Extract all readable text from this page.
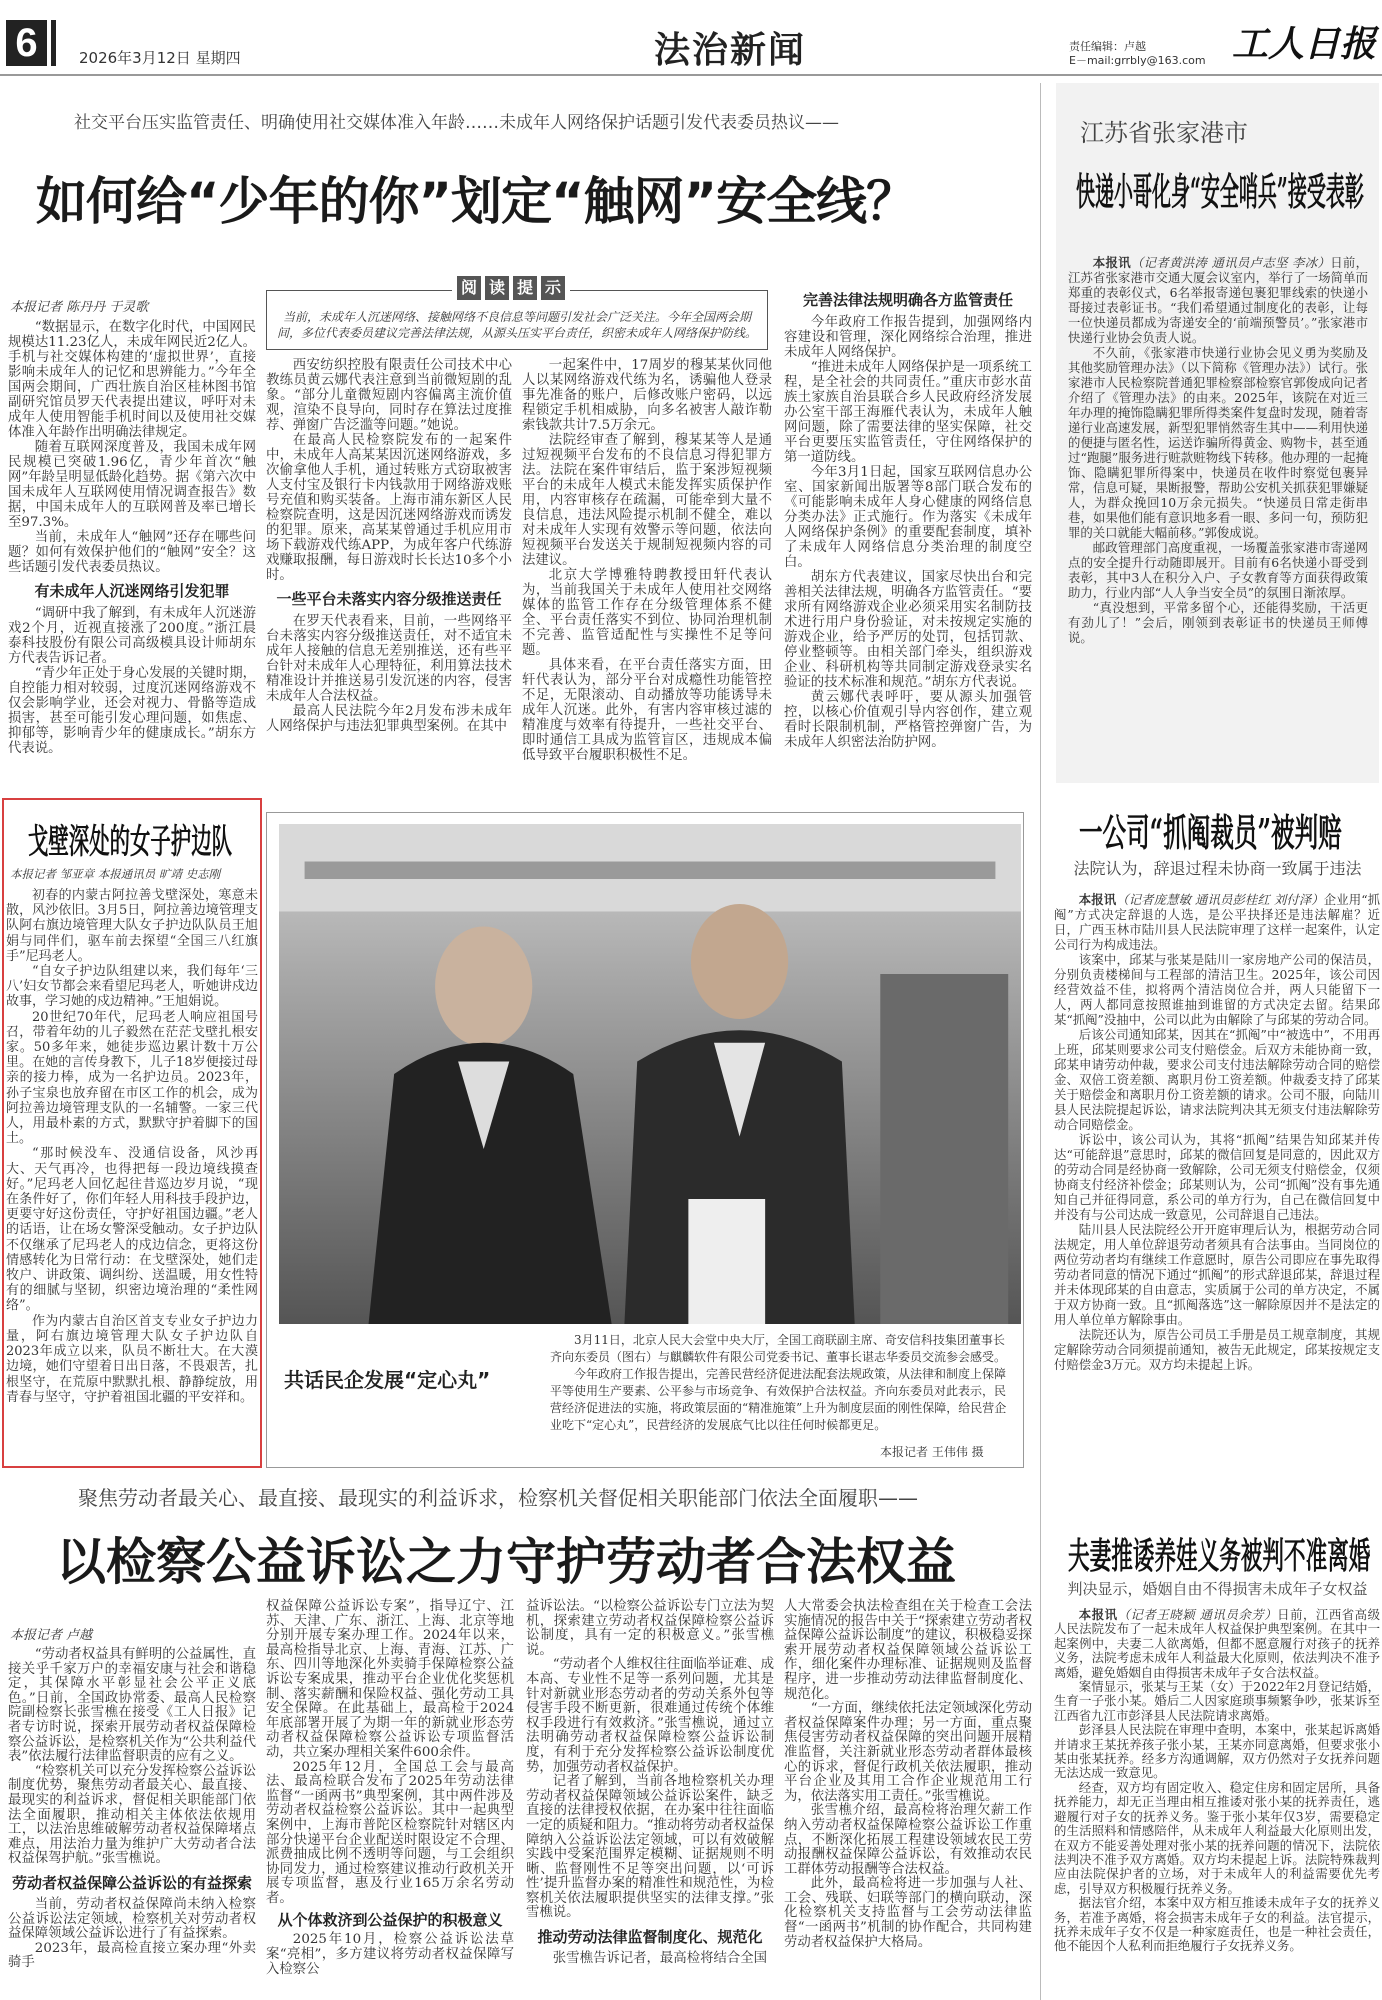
6	2026年3月12日 星期四	法治新闻	责任编辑：卢越
E－mail:grrbly@163.com 工人日报
社交平台压实监管责任、明确使用社交媒体准入年龄……未成年人网络保护话题引发代表委员热议——
如何给“少年的你”划定“触网”安全线？
本报记者 陈丹丹 于灵歌
当前，未成年人沉迷网络、接触网络不良信息等问题引发社会广泛关注。今年全国两会期间，多位代表委员建议完善法律法规，从源头压实平台责任，织密未成年人网络保护防线。
阅 读 提 示

“数据显示，在数字化时代，中国网民规模达11.23亿人，未成年网民近2亿人。手机与社交媒体构建的‘虚拟世界’，直接影响未成年人的记忆和思辨能力。”今年全国两会期间，广西壮族自治区桂林图书馆副研究馆员罗天代表提出建议，呼吁对未成年人使用智能手机时间以及使用社交媒体准入年龄作出明确法律规定。

随着互联网深度普及，我国未成年网民规模已突破1.96亿，青少年首次“触网”年龄呈明显低龄化趋势。据《第六次中国未成年人互联网使用情况调查报告》数据，中国未成年人的互联网普及率已增长至97.3%。

当前，未成年人“触网”还存在哪些问题？如何有效保护他们的“触网”安全？这些话题引发代表委员热议。

有未成年人沉迷网络引发犯罪

“调研中我了解到，有未成年人沉迷游戏2个月，近视直接涨了200度。”浙江晨泰科技股份有限公司高级模具设计师胡东方代表告诉记者。

“青少年正处于身心发展的关键时期，自控能力相对较弱，过度沉迷网络游戏不仅会影响学业，还会对视力、骨骼等造成损害，甚至可能引发心理问题，如焦虑、抑郁等，影响青少年的健康成长。”胡东方代表说。

西安纺织控股有限责任公司技术中心教练员黄云娜代表注意到当前微短剧的乱象。“部分儿童微短剧内容偏离主流价值观，渲染不良导向，同时存在算法过度推荐、弹窗广告泛滥等问题。”她说。

在最高人民检察院发布的一起案件中，未成年人高某某因沉迷网络游戏，多次偷拿他人手机，通过转账方式窃取被害人支付宝及银行卡内钱款用于网络游戏账号充值和购买装备。上海市浦东新区人民检察院查明，这是因沉迷网络游戏而诱发的犯罪。原来，高某某曾通过手机应用市场下载游戏代练APP，为成年客户代练游戏赚取报酬，每日游戏时长长达10多个小时。

一些平台未落实内容分级推送责任

在罗天代表看来，目前，一些网络平台未落实内容分级推送责任，对不适宜未成年人接触的信息无差别推送，还有些平台针对未成年人心理特征，利用算法技术精准设计并推送易引发沉迷的内容，侵害未成年人合法权益。

最高人民法院今年2月发布涉未成年人网络保护与违法犯罪典型案例。在其中

一起案件中，17周岁的穆某某伙同他人以某网络游戏代练为名，诱骗他人登录事先准备的账户，后修改账户密码，以远程锁定手机相威胁，向多名被害人敲诈勒索钱款共计7.5万余元。

法院经审查了解到，穆某某等人是通过短视频平台发布的不良信息习得犯罪方法。法院在案件审结后，监于案涉短视频平台的未成年人模式未能发挥实质保护作用，内容审核存在疏漏，可能牵到大量不良信息，违法风险提示机制不健全，难以对未成年人实现有效警示等问题，依法向短视频平台发送关于规制短视频内容的司法建议。

北京大学博雅特聘教授田轩代表认为，当前我国关于未成年人使用社交网络媒体的监管工作存在分级管理体系不健全、平台责任落实不到位、协同治理机制不完善、监管适配性与实操性不足等问题。

具体来看，在平台责任落实方面，田轩代表认为，部分平台对成瘾性功能管控不足，无限滚动、自动播放等功能诱导未成年人沉迷。此外，有害内容审核过滤的精准度与效率有待提升，一些社交平台、即时通信工具成为监管盲区，违规成本偏低导致平台履职积极性不足。

完善法律法规明确各方监管责任

今年政府工作报告提到，加强网络内容建设和管理，深化网络综合治理，推进未成年人网络保护。

“推进未成年人网络保护是一项系统工程，是全社会的共同责任。”重庆市彭水苗族土家族自治县联合乡人民政府经济发展办公室干部王海雁代表认为，未成年人触网问题，除了需要法律的坚实保障，社交平台更要压实监管责任，守住网络保护的第一道防线。

今年3月1日起，国家互联网信息办公室、国家新闻出版署等8部门联合发布的《可能影响未成年人身心健康的网络信息分类办法》正式施行。作为落实《未成年人网络保护条例》的重要配套制度，填补了未成年人网络信息分类治理的制度空白。

胡东方代表建议，国家尽快出台和完善相关法律法规，明确各方监管责任。“要求所有网络游戏企业必须采用实名制防技术进行用户身份验证，对未按规定实施的游戏企业，给予严厉的处罚，包括罚款、停业整顿等。由相关部门牵头，组织游戏企业、科研机构等共同制定游戏登录实名验证的技术标准和规范。”胡东方代表说。

黄云娜代表呼吁，要从源头加强管控，以核心价值观引导内容创作，建立观看时长限制机制，严格管控弹窗广告，为未成年人织密法治防护网。

江苏省张家港市
快递小哥化身“安全哨兵”接受表彰

本报讯（记者黄洪涛 通讯员卢志坚 李冰）日前，江苏省张家港市交通大厦会议室内，举行了一场简单而郑重的表彰仪式，6名举报寄递包裹犯罪线索的快递小哥接过表彰证书。“我们希望通过制度化的表彰，让每一位快递员都成为寄递安全的‘前端预警员’。”张家港市快递行业协会负责人说。

不久前，《张家港市快递行业协会见义勇为奖励及其他奖励管理办法》（以下简称《管理办法》）试行。张家港市人民检察院普通犯罪检察部检察官郭俊成向记者介绍了《管理办法》的由来。2025年，该院在对近三年办理的掩饰隐瞒犯罪所得类案件复盘时发现，随着寄递行业高速发展，新型犯罪悄然寄生其中——利用快递的便捷与匿名性，运送诈骗所得黄金、购物卡，甚至通过“跑腿”服务进行赃款赃物线下转移。他办理的一起掩饰、隐瞒犯罪所得案中，快递员在收件时察觉包裹异常，信息可疑，果断报警，帮助公安机关抓获犯罪嫌疑人，为群众挽回10万余元损失。“快递员日常走街串巷，如果他们能有意识地多看一眼、多问一句，预防犯罪的关口就能大幅前移。”郭俊成说。

邮政管理部门高度重视，一场覆盖张家港市寄递网点的安全提升行动随即展开。目前有6名快递小哥受到表彰，其中3人在积分入户、子女教育等方面获得政策助力，行业内部“人人争当安全员”的氛围日渐浓厚。

“真没想到，平常多留个心，还能得奖励，干活更有劲儿了！”会后，刚领到表彰证书的快递员王师傅说。

戈壁深处的女子护边队
本报记者 邹亚章 本报通讯员 旷靖 史志刚

初春的内蒙古阿拉善戈壁深处，寒意未散，风沙依旧。3月5日，阿拉善边境管理支队阿右旗边境管理大队女子护边队队员王旭娟与同伴们，驱车前去探望“全国三八红旗手”尼玛老人。

“自女子护边队组建以来，我们每年‘三八’妇女节都会来看望尼玛老人，听她讲戍边故事，学习她的戍边精神。”王旭娟说。

20世纪70年代，尼玛老人响应祖国号召，带着年幼的儿子毅然在茫茫戈壁扎根安家。50多年来，她徒步巡边累计数十万公里。在她的言传身教下，儿子18岁便接过母亲的接力棒，成为一名护边员。2023年，孙子宝泉也放弃留在市区工作的机会，成为阿拉善边境管理支队的一名辅警。一家三代人，用最朴素的方式，默默守护着脚下的国土。

“那时候没车、没通信设备，风沙再大、天气再冷，也得把每一段边境线摸查好。”尼玛老人回忆起往昔巡边岁月说，“现在条件好了，你们年轻人用科技手段护边，更要守好这份责任，守护好祖国边疆。”老人的话语，让在场女警深受触动。女子护边队不仅继承了尼玛老人的戍边信念，更将这份情感转化为日常行动：在戈壁深处，她们走牧户、讲政策、调纠纷、送温暖，用女性特有的细腻与坚韧，织密边境治理的“柔性网络”。

作为内蒙古自治区首支专业女子护边力量，阿右旗边境管理大队女子护边队自2023年成立以来，队员不断壮大。在大漠边境，她们守望着日出日落，不畏艰苦，扎根坚守，在荒原中默默扎根、静静绽放，用青春与坚守，守护着祖国北疆的平安祥和。

共话民企发展“定心丸”

3月11日，北京人民大会堂中央大厅，全国工商联副主席、奇安信科技集团董事长齐向东委员（图右）与麒麟软件有限公司党委书记、董事长谌志华委员交流参会感受。

今年政府工作报告提出，完善民营经济促进法配套法规政策，从法律和制度上保障平等使用生产要素、公平参与市场竞争、有效保护合法权益。齐向东委员对此表示，民营经济促进法的实施，将政策层面的“精准施策”上升为制度层面的刚性保障，给民营企业吃下“定心丸”，民营经济的发展底气比以往任何时候都更足。

本报记者 王伟伟 摄
一公司“抓阄裁员”被判赔
法院认为，辞退过程未协商一致属于违法

本报讯（记者庞慧敏 通讯员彭桂红 刘付泽）企业用“抓阄”方式决定辞退的人选，是公平抉择还是违法解雇？近日，广西玉林市陆川县人民法院审理了这样一起案件，认定公司行为构成违法。

该案中，邱某与张某是陆川一家房地产公司的保洁员，分别负责楼梯间与工程部的清洁卫生。2025年，该公司因经营效益不佳，拟将两个清洁岗位合并，两人只能留下一人，两人都同意按照谁抽到谁留的方式决定去留。结果邱某“抓阄”没抽中，公司以此为由解除了与邱某的劳动合同。

后该公司通知邱某，因其在“抓阄”中“被选中”，不用再上班，邱某则要求公司支付赔偿金。后双方未能协商一致，邱某申请劳动仲裁，要求公司支付违法解除劳动合同的赔偿金、双倍工资差额、离职月份工资差额。仲裁委支持了邱某关于赔偿金和离职月份工资差额的请求。公司不服，向陆川县人民法院提起诉讼，请求法院判决其无须支付违法解除劳动合同赔偿金。

诉讼中，该公司认为，其将“抓阄”结果告知邱某并传达“可能辞退”意思时，邱某的微信回复是同意的，因此双方的劳动合同是经协商一致解除，公司无须支付赔偿金，仅须协商支付经济补偿金；邱某则认为，公司“抓阄”没有事先通知自己并征得同意，系公司的单方行为，自己在微信回复中并没有与公司达成一致意见，公司辞退自己违法。

陆川县人民法院经公开开庭审理后认为，根据劳动合同法规定，用人单位辞退劳动者须具有合法事由。当同岗位的两位劳动者均有继续工作意愿时，原告公司即应在事先取得劳动者同意的情况下通过“抓阄”的形式辞退邱某，辞退过程并未体现邱某的自由意志，实质属于公司的单方决定，不属于双方协商一致。且“抓阄落选”这一解除原因并不是法定的用人单位单方解除事由。

法院还认为，原告公司员工手册是员工规章制度，其规定解除劳动合同须提前通知，被告无此规定，邱某按规定支付赔偿金3万元。双方均未提起上诉。

聚焦劳动者最关心、最直接、最现实的利益诉求，检察机关督促相关职能部门依法全面履职——
以检察公益诉讼之力守护劳动者合法权益
本报记者 卢越

“劳动者权益具有鲜明的公益属性，直接关乎千家万户的幸福安康与社会和谐稳定，其保障水平彰显社会公平正义底色。”日前，全国政协常委、最高人民检察院副检察长张雪樵在接受《工人日报》记者专访时说，探索开展劳动者权益保障检察公益诉讼，是检察机关作为“公共利益代表”依法履行法律监督职责的应有之义。

“检察机关可以充分发挥检察公益诉讼制度优势，聚焦劳动者最关心、最直接、最现实的利益诉求，督促相关职能部门依法全面履职，推动相关主体依法依规用工，以法治思维破解劳动者权益保障堵点难点，用法治力量为维护广大劳动者合法权益保驾护航。”张雪樵说。

劳动者权益保障公益诉讼的有益探索

当前，劳动者权益保障尚未纳入检察公益诉讼法定领域，检察机关对劳动者权益保障领域公益诉讼进行了有益探索。

2023年，最高检直接立案办理“外卖骑手

权益保障公益诉讼专案”，指导辽宁、江苏、天津、广东、浙江、上海、北京等地分别开展专案办理工作。2024年以来，最高检指导北京、上海、青海、江苏、广东、四川等地深化外卖骑手保障检察公益诉讼专案成果，推动平台企业优化奖惩机制、落实薪酬和保险权益、强化劳动工具安全保障。在此基础上，最高检于2024年底部署开展了为期一年的新就业形态劳动者权益保障检察公益诉讼专项监督活动，共立案办理相关案件600余件。

2025年12月，全国总工会与最高法、最高检联合发布了2025年劳动法律监督“一函两书”典型案例，其中两件涉及劳动者权益检察公益诉讼。其中一起典型案例中，上海市普陀区检察院针对辖区内部分快递平台企业配送时限设定不合理、派费抽成比例不透明等问题，与工会组织协同发力，通过检察建议推动行政机关开展专项监督，惠及行业165万余名劳动者。

从个体救济到公益保护的积极意义

2025年10月，检察公益诉讼法草案“亮相”，多方建议将劳动者权益保障写入检察公

益诉讼法。“以检察公益诉讼专门立法为契机，探索建立劳动者权益保障检察公益诉讼制度，具有一定的积极意义。”张雪樵说。

“劳动者个人维权往往面临举证难、成本高、专业性不足等一系列问题，尤其是针对新就业形态劳动者的劳动关系外包等侵害手段不断更新，很难通过传统个体维权手段进行有效救济。”张雪樵说，通过立法明确劳动者权益保障检察公益诉讼制度，有利于充分发挥检察公益诉讼制度优势，加强劳动者权益保护。

记者了解到，当前各地检察机关办理劳动者权益保障领域公益诉讼案件，缺乏直接的法律授权依据，在办案中往往面临一定的质疑和阻力。“推动将劳动者权益保障纳入公益诉讼法定领域，可以有效破解实践中受案范围界定模糊、证据规则不明晰、监督刚性不足等突出问题，以‘可诉性’提升监督办案的精准性和规范性，为检察机关依法履职提供坚实的法律支撑。”张雪樵说。

推动劳动法律监督制度化、规范化

张雪樵告诉记者，最高检将结合全国

人大常委会执法检查组在关于检查工会法实施情况的报告中关于“探索建立劳动者权益保障公益诉讼制度”的建议，积极稳妥探索开展劳动者权益保障领域公益诉讼工作，细化案件办理标准、证据规则及监督程序，进一步推动劳动法律监督制度化、规范化。

“一方面，继续依托法定领域深化劳动者权益保障案件办理；另一方面，重点聚焦侵害劳动者权益保障的突出问题开展精准监督，关注新就业形态劳动者群体最核心的诉求，督促行政机关依法履职，推动平台企业及其用工合作企业规范用工行为，依法落实用工责任。”张雪樵说。

张雪樵介绍，最高检将治理欠薪工作纳入劳动者权益保障检察公益诉讼工作重点，不断深化拓展工程建设领域农民工劳动报酬权益保障公益诉讼，有效推动农民工群体劳动报酬等合法权益。

此外，最高检将进一步加强与人社、工会、残联、妇联等部门的横向联动，深化检察机关支持监督与工会劳动法律监督“一函两书”机制的协作配合，共同构建劳动者权益保护大格局。

夫妻推诿养娃义务被判不准离婚
判决显示，婚姻自由不得损害未成年子女权益

本报讯（记者王晓颖 通讯员余芳）日前，江西省高级人民法院发布了一起未成年人权益保护典型案例。在其中一起案例中，夫妻二人欲离婚，但都不愿意履行对孩子的抚养义务，法院考虑未成年人利益最大化原则，依法判决不准予离婚，避免婚姻自由得损害未成年子女合法权益。

案情显示，张某与王某（女）于2022年2月登记结婚，生育一子张小某。婚后二人因家庭琐事频繁争吵，张某诉至江西省九江市彭泽县人民法院请求离婚。

彭泽县人民法院在审理中查明，本案中，张某起诉离婚并请求王某抚养孩子张小某，王某亦同意离婚，但要求张小某由张某抚养。经多方沟通调解，双方仍然对子女抚养问题无法达成一致意见。

经查，双方均有固定收入、稳定住房和固定居所，具备抚养能力，却无正当理由相互推诿对张小某的抚养责任，逃避履行对子女的抚养义务。鉴于张小某年仅3岁，需要稳定的生活照料和情感陪伴，从未成年人利益最大化原则出发，在双方不能妥善处理对张小某的抚养问题的情况下，法院依法判决不准予双方离婚。双方均未提起上诉。法院特殊裁判应由法院保护者的立场，对于未成年人的利益需要优先考虑，引导双方积极履行抚养义务。

据法官介绍，本案中双方相互推诿未成年子女的抚养义务，若准予离婚，将会损害未成年子女的利益。法官提示，抚养未成年子女不仅是一种家庭责任，也是一种社会责任，他不能因个人私利而拒绝履行子女抚养义务。
